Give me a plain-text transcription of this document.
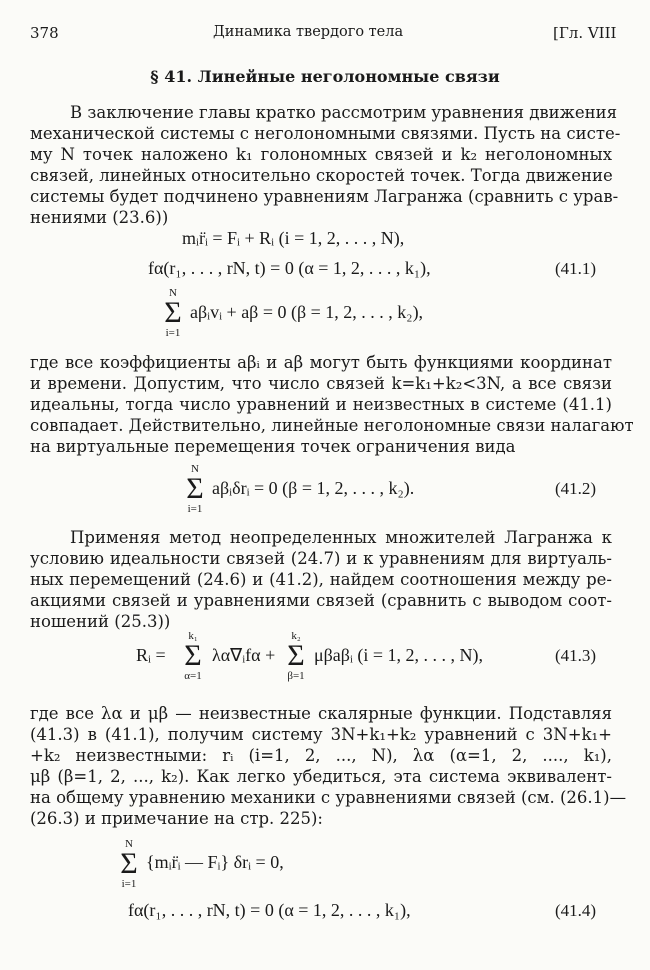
378	Динамика твердого тела	[Гл. VIII
§ 41. Линейные неголономные связи
В заключение главы кратко рассмотрим уравнения движения
механической системы с неголономными связями. Пусть на систе-
му N точек наложено k₁ голономных связей и k₂ неголономных
связей, линейных относительно скоростей точек. Тогда движение
системы будет подчинено уравнениям Лагранжа (сравнить с урав-
нениями (23.6))
mᵢr̈ᵢ = Fᵢ + Rᵢ (i = 1, 2, . . . , N),
fα(r₁, . . . , rN, t) = 0 (α = 1, 2, . . . , k₁),
N
Σ
i=1
aβᵢvᵢ + aβ = 0 (β = 1, 2, . . . , k₂),
(41.1)
где все коэффициенты aβᵢ и aβ могут быть функциями координат
и времени. Допустим, что число связей k=k₁+k₂<3N, а все связи
идеальны, тогда число уравнений и неизвестных в системе (41.1)
совпадает. Действительно, линейные неголономные связи налагают
на виртуальные перемещения точек ограничения вида
N
Σ
i=1
aβᵢδrᵢ = 0 (β = 1, 2, . . . , k₂).	(41.2)
Применяя метод неопределенных множителей Лагранжа к
условию идеальности связей (24.7) и к уравнениям для виртуаль-
ных перемещений (24.6) и (41.2), найдем соотношения между ре-
акциями связей и уравнениями связей (сравнить с выводом соот-
ношений (25.3))
Rᵢ =
k₁
Σ
α=1
λα∇ᵢfα +
k₂
Σ
β=1
μβaβᵢ (i = 1, 2, . . . , N),	(41.3)
где все λα и μβ — неизвестные скалярные функции. Подставляя
(41.3) в (41.1), получим систему 3N+k₁+k₂ уравнений с 3N+k₁+
+k₂ неизвестными: rᵢ (i=1, 2, ..., N), λα (α=1, 2, ...., k₁),
μβ (β=1, 2, ..., k₂). Как легко убедиться, эта система эквивалент-
на общему уравнению механики с уравнениями связей (см. (26.1)—
(26.3) и примечание на стр. 225):
N
Σ
i=1
{mᵢr̈ᵢ — Fᵢ} δrᵢ = 0,
fα(r₁, . . . , rN, t) = 0 (α = 1, 2, . . . , k₁),	(41.4)
